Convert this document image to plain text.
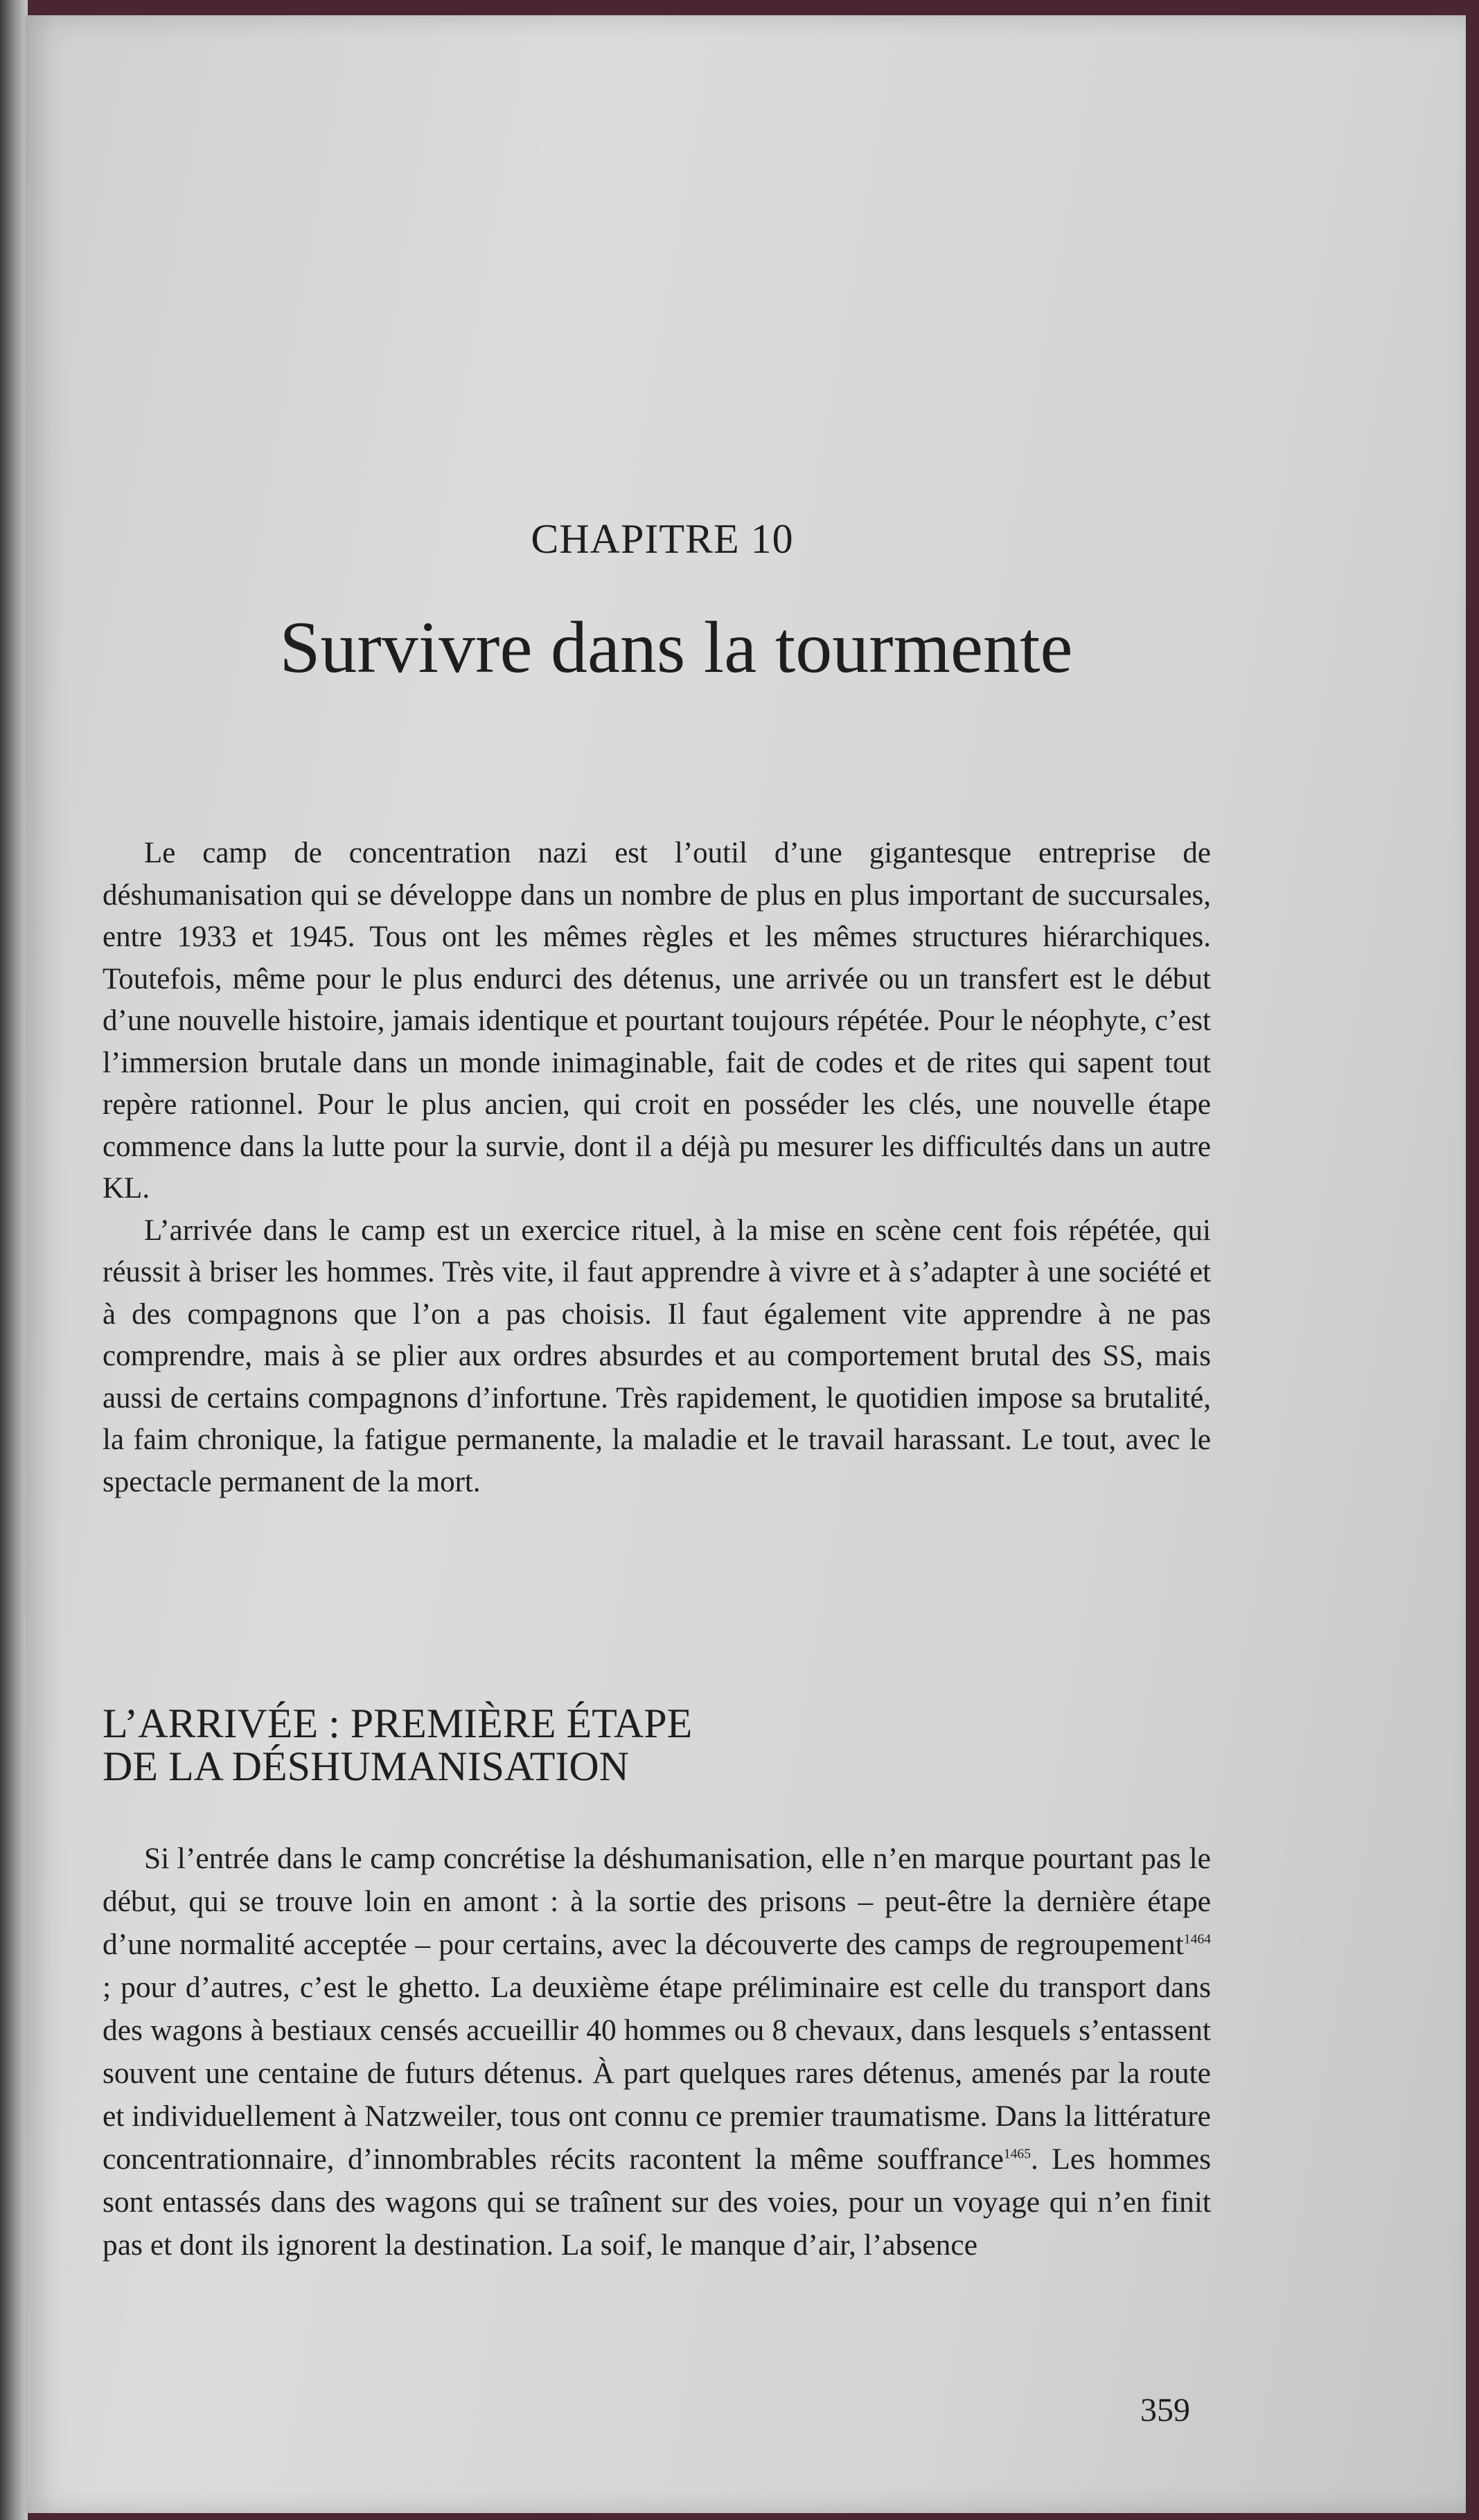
CHAPITRE 10
Survivre dans la tourmente

Le camp de concentration nazi est l’outil d’une gigantesque entreprise de déshumanisation qui se développe dans un nombre de plus en plus important de succursales, entre 1933 et 1945. Tous ont les mêmes règles et les mêmes structures hiérarchiques. Toutefois, même pour le plus endurci des détenus, une arrivée ou un transfert est le début d’une nouvelle histoire, jamais identique et pourtant toujours répétée. Pour le néophyte, c’est l’immersion brutale dans un monde inimaginable, fait de codes et de rites qui sapent tout repère rationnel. Pour le plus ancien, qui croit en posséder les clés, une nouvelle étape commence dans la lutte pour la survie, dont il a déjà pu mesurer les difficultés dans un autre KL.

L’arrivée dans le camp est un exercice rituel, à la mise en scène cent fois répétée, qui réussit à briser les hommes. Très vite, il faut apprendre à vivre et à s’adapter à une société et à des compagnons que l’on a pas choisis. Il faut également vite apprendre à ne pas comprendre, mais à se plier aux ordres absurdes et au comportement brutal des SS, mais aussi de certains compagnons d’infortune. Très rapidement, le quotidien impose sa brutalité, la faim chronique, la fatigue permanente, la maladie et le travail harassant. Le tout, avec le spectacle permanent de la mort.

L’ARRIVÉE : PREMIÈRE ÉTAPE
DE LA DÉSHUMANISATION

Si l’entrée dans le camp concrétise la déshumanisation, elle n’en marque pourtant pas le début, qui se trouve loin en amont : à la sortie des prisons – peut-être la dernière étape d’une normalité acceptée – pour certains, avec la découverte des camps de regroupement$^{1464}$ ; pour d’autres, c’est le ghetto. La deuxième étape préliminaire est celle du transport dans des wagons à bestiaux censés accueillir 40 hommes ou 8 chevaux, dans lesquels s’entassent souvent une centaine de futurs détenus. À part quelques rares détenus, amenés par la route et individuellement à Natzweiler, tous ont connu ce premier traumatisme. Dans la littérature concentrationnaire, d’innombrables récits racontent la même souffrance$^{1465}$. Les hommes sont entassés dans des wagons qui se traînent sur des voies, pour un voyage qui n’en finit pas et dont ils ignorent la destination. La soif, le manque d’air, l’absence

359
